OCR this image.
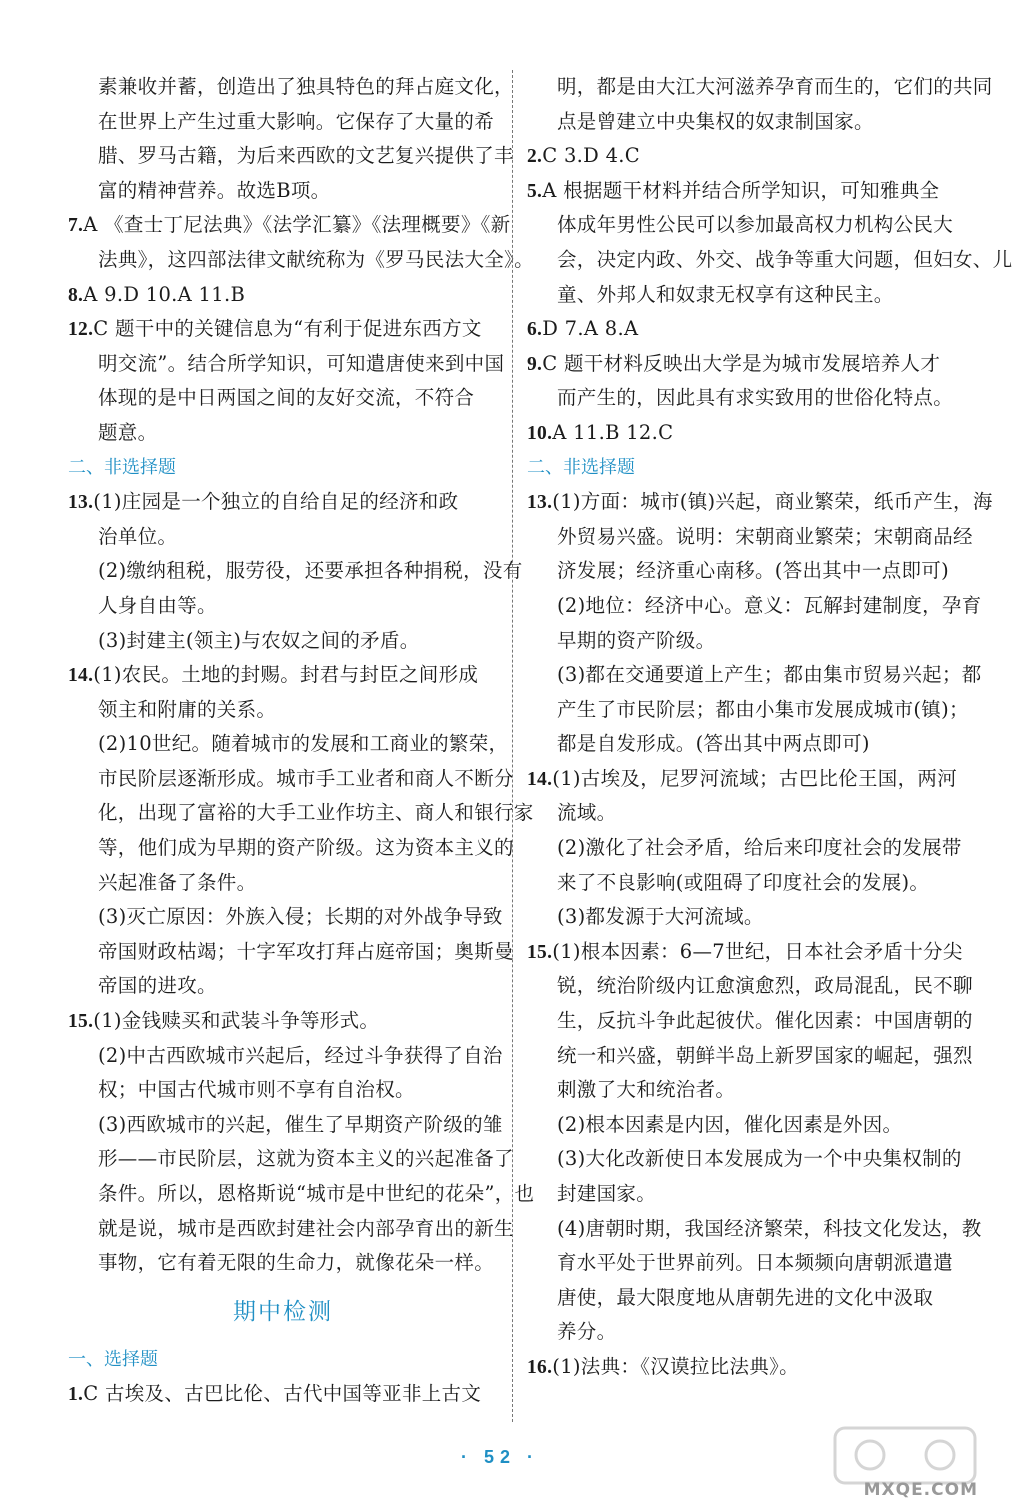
素兼收并蓄，创造出了独具特色的拜占庭文化，
在世界上产生过重大影响。它保存了大量的希
腊、罗马古籍，为后来西欧的文艺复兴提供了丰
富的精神营养。故选B项。
7.A 《查士丁尼法典》《法学汇纂》《法理概要》《新
法典》，这四部法律文献统称为《罗马民法大全》。
8.A 9.D 10.A 11.B
12.C 题干中的关键信息为“有利于促进东西方文
明交流”。结合所学知识，可知遣唐使来到中国
体现的是中日两国之间的友好交流，不符合
题意。
二、非选择题
13.(1)庄园是一个独立的自给自足的经济和政
治单位。
(2)缴纳租税，服劳役，还要承担各种捐税，没有
人身自由等。
(3)封建主(领主)与农奴之间的矛盾。
14.(1)农民。土地的封赐。封君与封臣之间形成
领主和附庸的关系。
(2)10世纪。随着城市的发展和工商业的繁荣，
市民阶层逐渐形成。城市手工业者和商人不断分
化，出现了富裕的大手工业作坊主、商人和银行家
等，他们成为早期的资产阶级。这为资本主义的
兴起准备了条件。
(3)灭亡原因：外族入侵；长期的对外战争导致
帝国财政枯竭；十字军攻打拜占庭帝国；奥斯曼
帝国的进攻。
15.(1)金钱赎买和武装斗争等形式。
(2)中古西欧城市兴起后，经过斗争获得了自治
权；中国古代城市则不享有自治权。
(3)西欧城市的兴起，催生了早期资产阶级的雏
形——市民阶层，这就为资本主义的兴起准备了
条件。所以，恩格斯说“城市是中世纪的花朵”，也
就是说，城市是西欧封建社会内部孕育出的新生
事物，它有着无限的生命力，就像花朵一样。
期中检测
一、选择题
1.C 古埃及、古巴比伦、古代中国等亚非上古文
明，都是由大江大河滋养孕育而生的，它们的共同
点是曾建立中央集权的奴隶制国家。
2.C 3.D 4.C
5.A 根据题干材料并结合所学知识，可知雅典全
体成年男性公民可以参加最高权力机构公民大
会，决定内政、外交、战争等重大问题，但妇女、儿
童、外邦人和奴隶无权享有这种民主。
6.D 7.A 8.A
9.C 题干材料反映出大学是为城市发展培养人才
而产生的，因此具有求实致用的世俗化特点。
10.A 11.B 12.C
二、非选择题
13.(1)方面：城市(镇)兴起，商业繁荣，纸币产生，海
外贸易兴盛。说明：宋朝商业繁荣；宋朝商品经
济发展；经济重心南移。(答出其中一点即可)
(2)地位：经济中心。意义：瓦解封建制度，孕育
早期的资产阶级。
(3)都在交通要道上产生；都由集市贸易兴起；都
产生了市民阶层；都由小集市发展成城市(镇)；
都是自发形成。(答出其中两点即可)
14.(1)古埃及，尼罗河流域；古巴比伦王国，两河
流域。
(2)激化了社会矛盾，给后来印度社会的发展带
来了不良影响(或阻碍了印度社会的发展)。
(3)都发源于大河流域。
15.(1)根本因素：6—7世纪，日本社会矛盾十分尖
锐，统治阶级内讧愈演愈烈，政局混乱，民不聊
生，反抗斗争此起彼伏。催化因素：中国唐朝的
统一和兴盛，朝鲜半岛上新罗国家的崛起，强烈
刺激了大和统治者。
(2)根本因素是内因，催化因素是外因。
(3)大化改新使日本发展成为一个中央集权制的
封建国家。
(4)唐朝时期，我国经济繁荣，科技文化发达，教
育水平处于世界前列。日本频频向唐朝派遣遣
唐使，最大限度地从唐朝先进的文化中汲取
养分。
16.(1)法典：《汉谟拉比法典》。
· 52 ·
MXQE.COM
